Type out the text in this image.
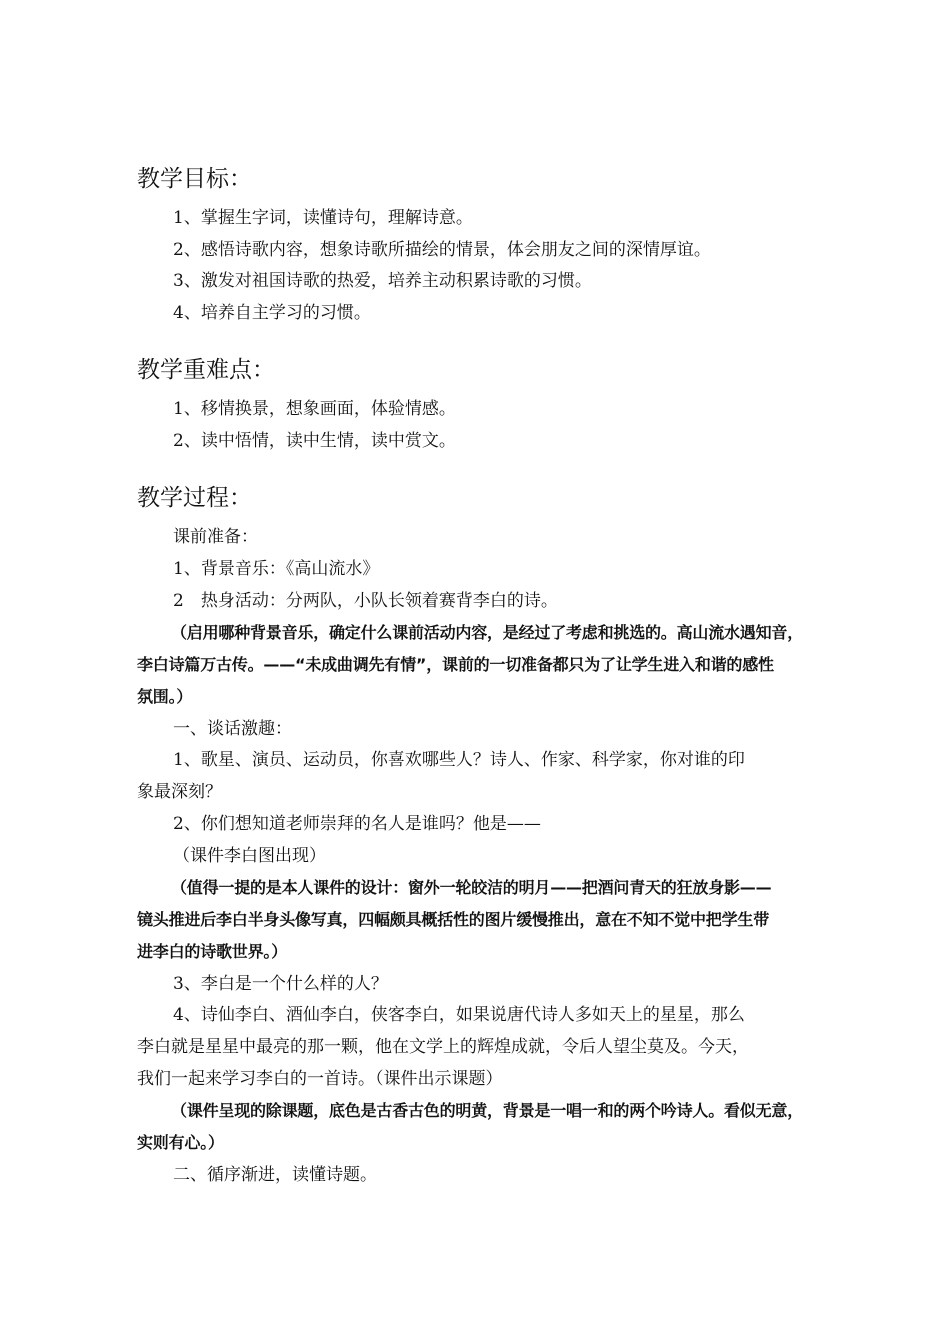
教学目标：
1、掌握生字词，读懂诗句，理解诗意。
2、感悟诗歌内容，想象诗歌所描绘的情景，体会朋友之间的深情厚谊。
3、激发对祖国诗歌的热爱，培养主动积累诗歌的习惯。
4、培养自主学习的习惯。
教学重难点：
1、移情换景，想象画面，体验情感。
2、读中悟情，读中生情，读中赏文。
教学过程：
课前准备：
1、背景音乐：《高山流水》
2　热身活动：分两队，小队长领着赛背李白的诗。
（启用哪种背景音乐，确定什么课前活动内容，是经过了考虑和挑选的。高山流水遇知音，
李白诗篇万古传。——“未成曲调先有情”，课前的一切准备都只为了让学生进入和谐的感性
氛围。）
一、谈话激趣：
1、歌星、演员、运动员，你喜欢哪些人？诗人、作家、科学家，你对谁的印
象最深刻？
2、你们想知道老师崇拜的名人是谁吗？他是——
（课件李白图出现）
（值得一提的是本人课件的设计：窗外一轮皎洁的明月——把酒问青天的狂放身影——
镜头推进后李白半身头像写真，四幅颇具概括性的图片缓慢推出，意在不知不觉中把学生带
进李白的诗歌世界。）
3、李白是一个什么样的人？
4、诗仙李白、酒仙李白，侠客李白，如果说唐代诗人多如天上的星星，那么
李白就是星星中最亮的那一颗，他在文学上的辉煌成就，令后人望尘莫及。今天，
我们一起来学习李白的一首诗。（课件出示课题）
（课件呈现的除课题，底色是古香古色的明黄，背景是一唱一和的两个吟诗人。看似无意，
实则有心。）
二、循序渐进，读懂诗题。
